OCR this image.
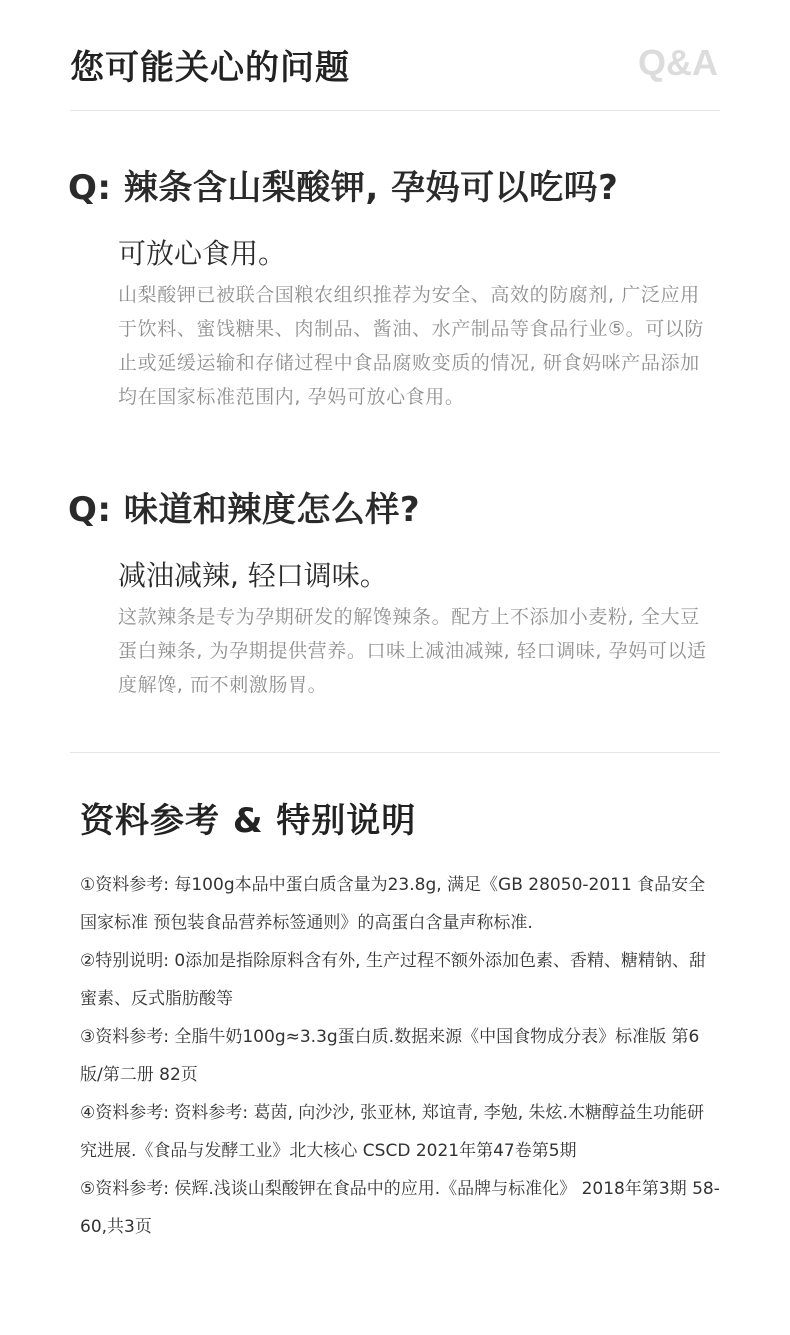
您可能关心的问题	Q&A
Q: 辣条含山梨酸钾, 孕妈可以吃吗?
可放心食用。
山梨酸钾已被联合国粮农组织推荐为安全、高效的防腐剂, 广泛应用于饮料、蜜饯糖果、肉制品、酱油、水产制品等食品行业⑤。可以防止或延缓运输和存储过程中食品腐败变质的情况, 研食妈咪产品添加均在国家标准范围内, 孕妈可放心食用。
Q: 味道和辣度怎么样?
减油减辣, 轻口调味。
这款辣条是专为孕期研发的解馋辣条。配方上不添加小麦粉, 全大豆蛋白辣条, 为孕期提供营养。口味上减油减辣, 轻口调味, 孕妈可以适度解馋, 而不刺激肠胃。
资料参考 & 特别说明
①资料参考: 每100g本品中蛋白质含量为23.8g, 满足《GB 28050-2011 食品安全国家标准 预包装食品营养标签通则》的高蛋白含量声称标准.
②特别说明: 0添加是指除原料含有外, 生产过程不额外添加色素、香精、糖精钠、甜蜜素、反式脂肪酸等
③资料参考: 全脂牛奶100g≈3.3g蛋白质.数据来源《中国食物成分表》标准版 第6版/第二册 82页
④资料参考: 资料参考: 葛茵, 向沙沙, 张亚林, 郑谊青, 李勉, 朱炫.木糖醇益生功能研究进展.《食品与发酵工业》北大核心 CSCD 2021年第47卷第5期
⑤资料参考: 侯辉.浅谈山梨酸钾在食品中的应用.《品牌与标准化》 2018年第3期 58-60,共3页
